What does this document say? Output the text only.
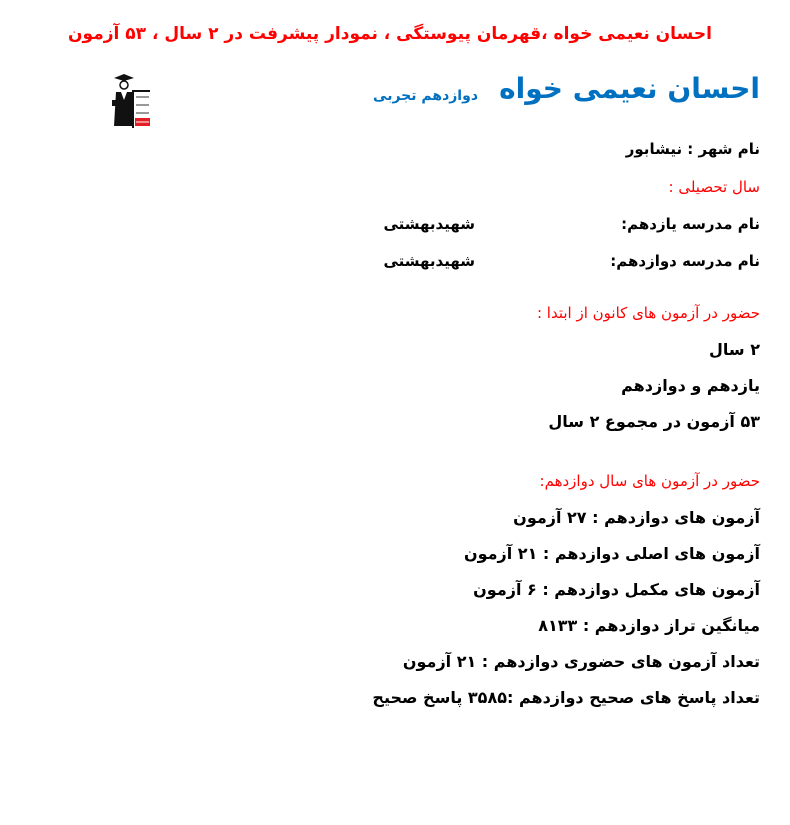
احسان نعیمی خواه ،قهرمان پیوستگی ، نمودار پیشرفت در ۲ سال ، ۵۳ آزمون
احسان نعیمی خواه
دوازدهم تجربی
نام شهر : نیشابور
سال تحصیلی :
نام مدرسه یازدهم:
شهیدبهشتی
نام مدرسه دوازدهم:
شهیدبهشتی
حضور در آزمون های کانون از ابتدا :
۲ سال
یازدهم و دوازدهم
۵۳ آزمون در مجموع ۲ سال
حضور در آزمون های سال دوازدهم:
آزمون های دوازدهم : ۲۷ آزمون
آزمون های اصلی دوازدهم : ۲۱ آزمون
آزمون های مکمل دوازدهم : ۶ آزمون
میانگین تراز دوازدهم : ۸۱۳۳
تعداد آزمون های حضوری دوازدهم : ۲۱ آزمون
تعداد پاسخ های صحیح دوازدهم :۳۵۸۵ پاسخ صحیح
